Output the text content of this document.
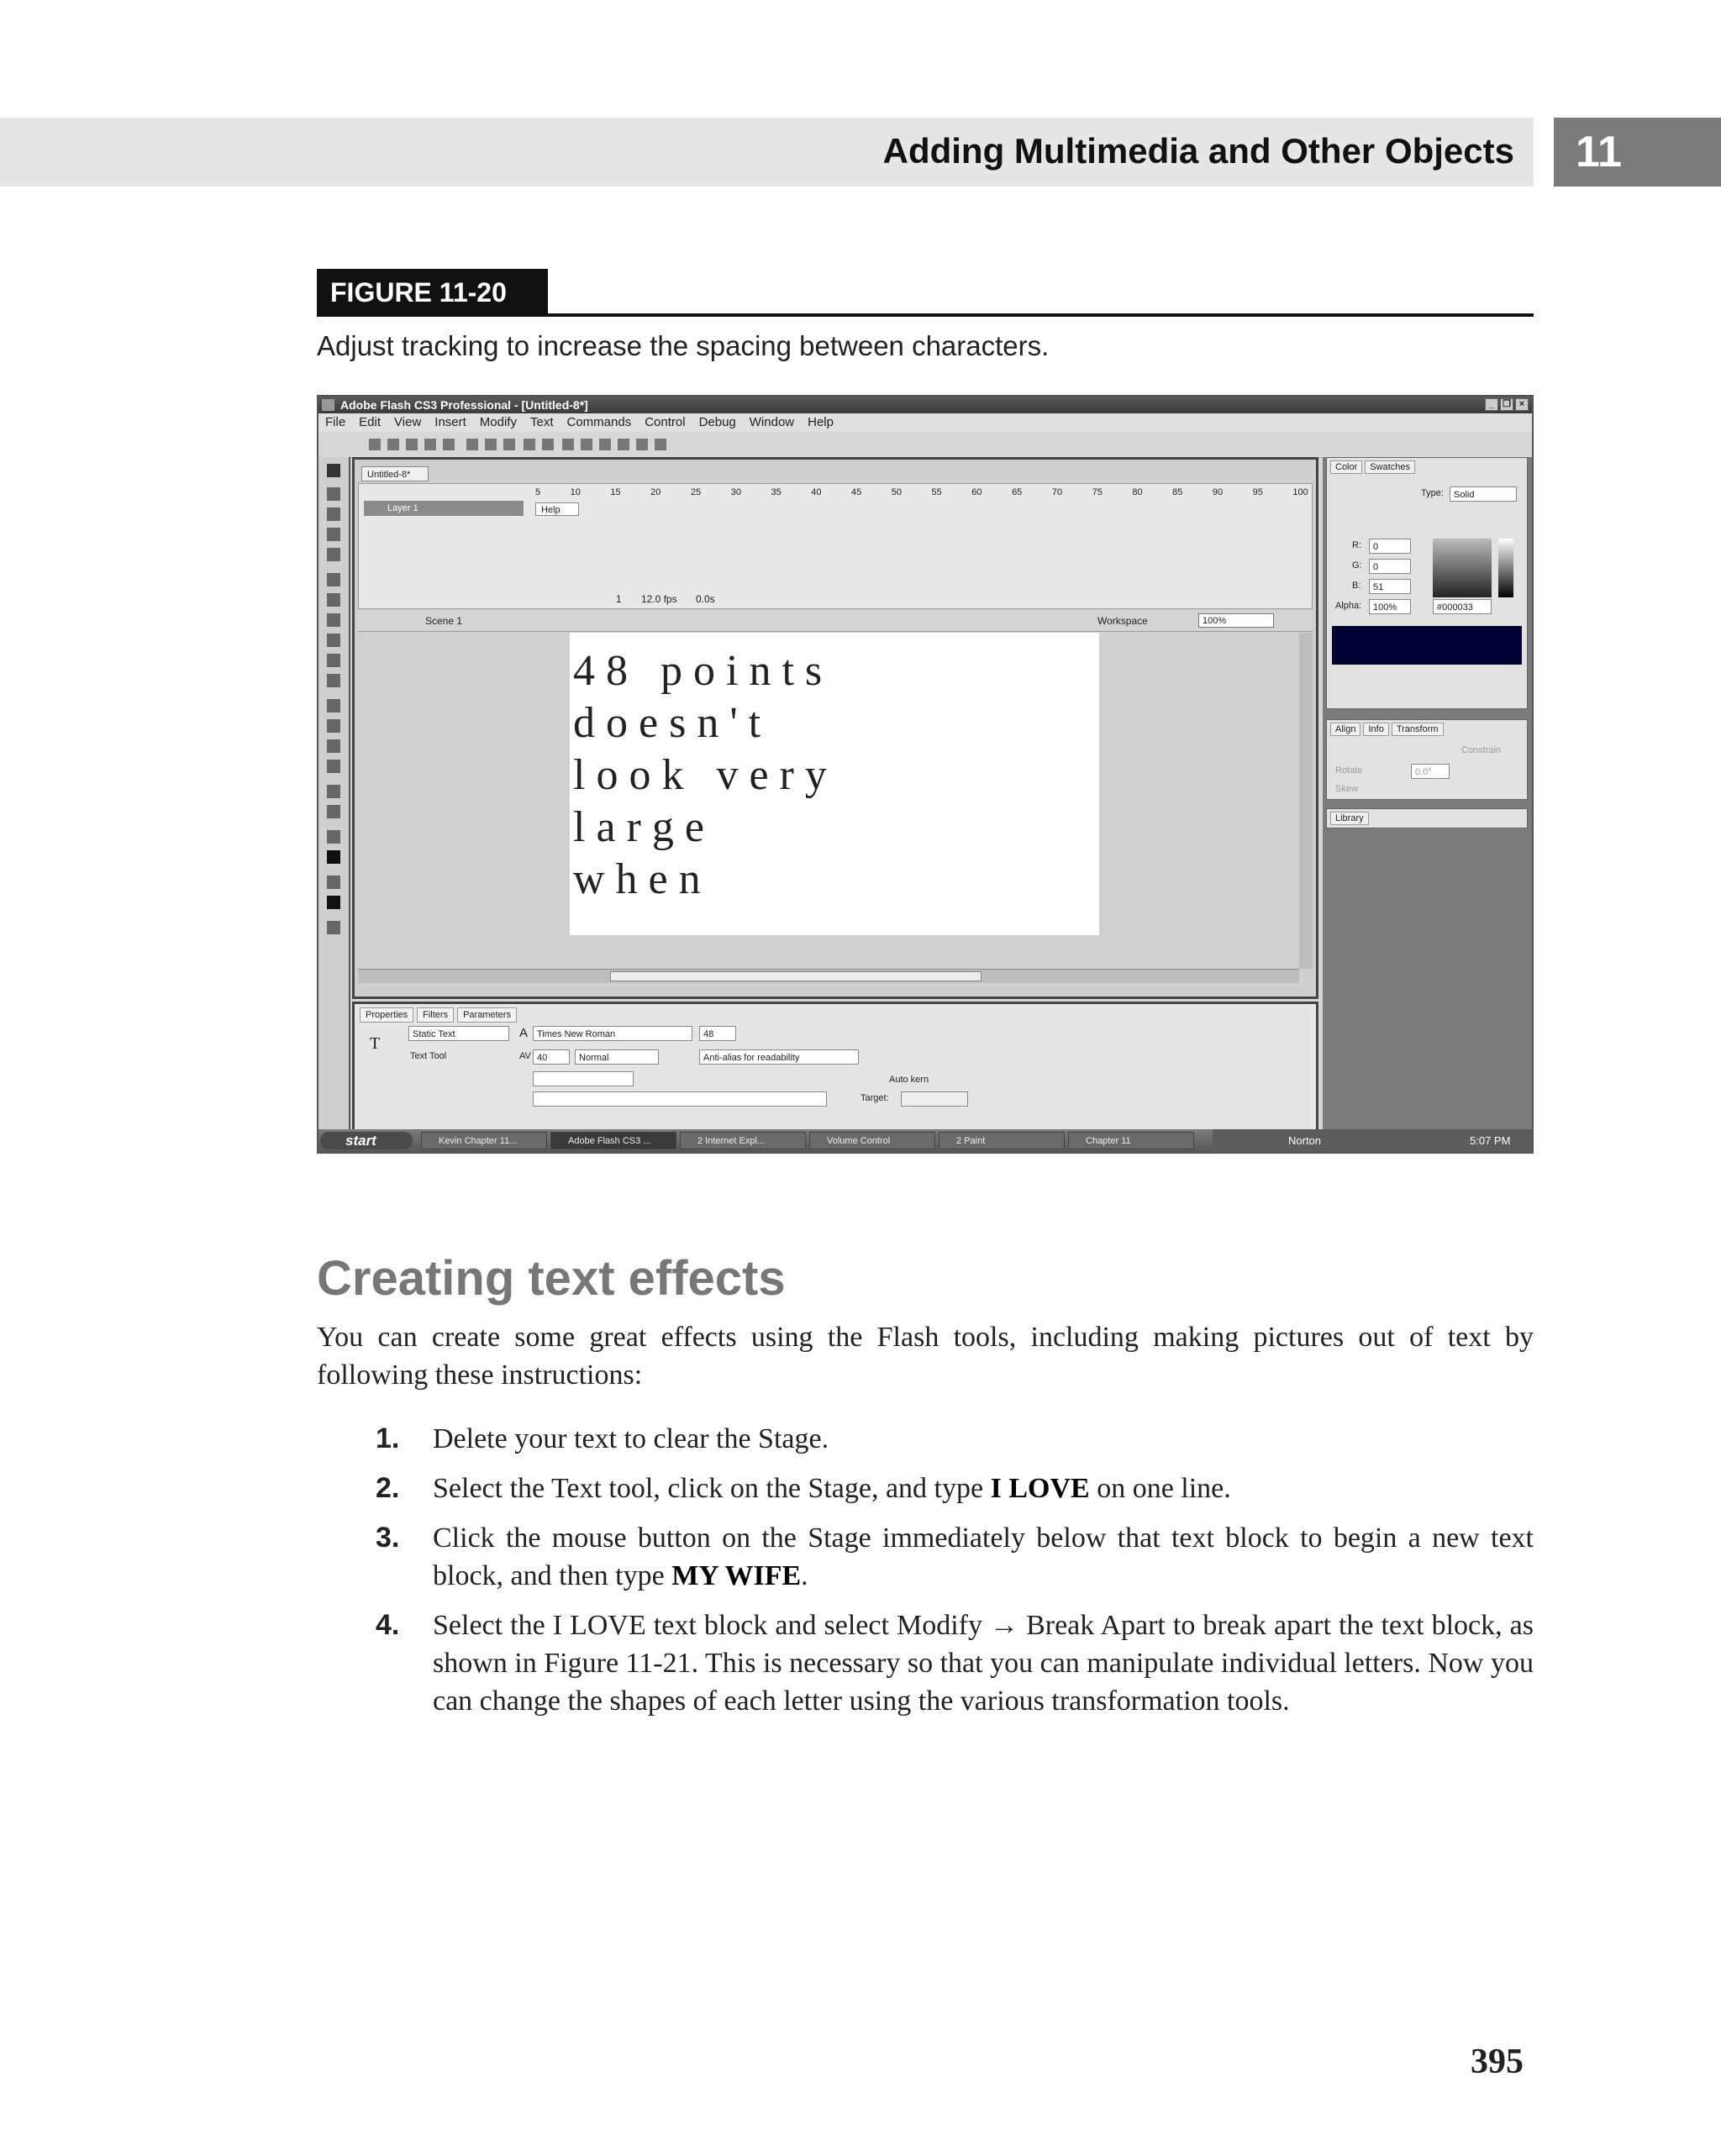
Adding Multimedia and Other Objects	11
FIGURE 11-20
Adjust tracking to increase the spacing between characters.
Adobe Flash CS3 Professional - [Untitled-8*]	_ ❐ ×
File Edit View Insert Modify Text Commands Control Debug Window Help
Untitled-8*
5	10	15	20	25	30	35	40	45	50	55	60	65	70	75	80	85	90	95	100
Layer 1	Help
1 12.0 fps 0.0s
Scene 1	Workspace	100%
4 8   p o i n t s
d o e s n ' t
l o o k   v e r y
l a r g e
w h e n
Properties	Filters	Parameters
T	Static Text
Text Tool
A Times New Roman	48
AV 40	Normal	Anti-alias for readability
Auto kern
Target:
Color	Swatches
Type:	Solid
R:	0
G:	0
B:	51
Alpha:	100%	#000033
Align	Info	Transform
Constrain
Rotate	0.0°
Skew
Library
start	Kevin Chapter 11...	Adobe Flash CS3 ...	2 Internet Expl...	Volume Control	2 Paint	Chapter 11	Norton	5:07 PM
Creating text effects
You can create some great effects using the Flash tools, including making pictures out of text by following these instructions:
1. Delete your text to clear the Stage.
2. Select the Text tool, click on the Stage, and type I LOVE on one line.
3. Click the mouse button on the Stage immediately below that text block to begin a new text block, and then type MY WIFE.
4. Select the I LOVE text block and select Modify → Break Apart to break apart the text block, as shown in Figure 11-21. This is necessary so that you can manipulate individual letters. Now you can change the shapes of each letter using the various transformation tools.
395
